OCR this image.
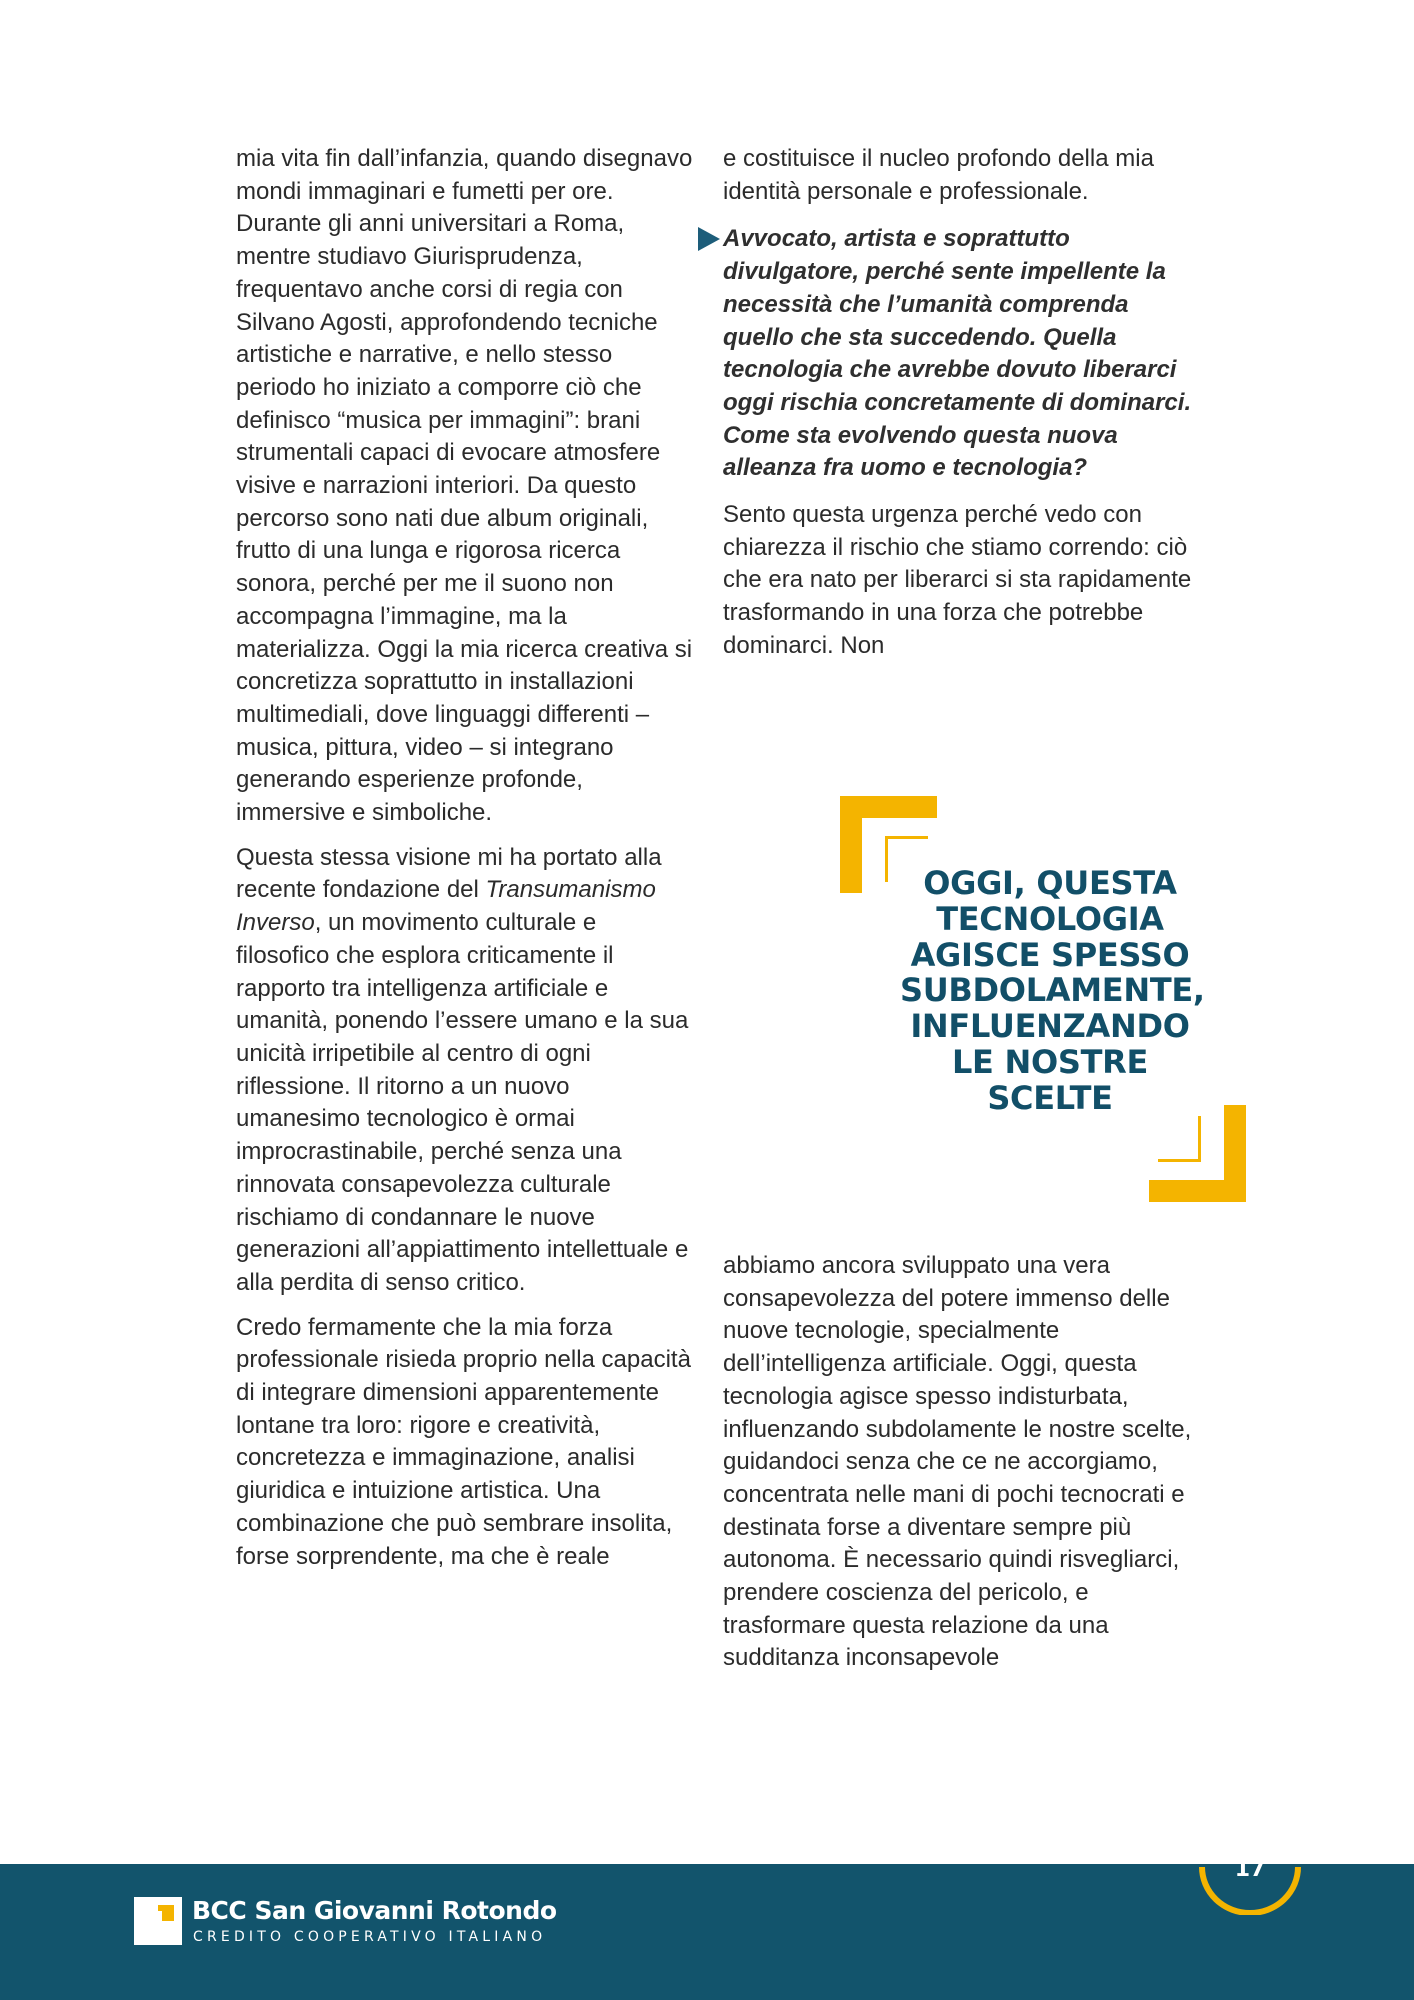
mia vita fin dall’infanzia, quando disegnavo mondi immaginari e fumetti per ore. Durante gli anni universitari a Roma, mentre studiavo Giurisprudenza, frequentavo anche corsi di regia con Silvano Agosti, approfondendo tecniche artistiche e narrative, e nello stesso periodo ho iniziato a comporre ciò che definisco “musica per immagini”: brani strumentali capaci di evocare atmosfere visive e narrazioni interiori. Da questo percorso sono nati due album originali, frutto di una lunga e rigorosa ricerca sonora, perché per me il suono non accompagna l’immagine, ma la materializza. Oggi la mia ricerca creativa si concretizza soprattutto in installazioni multimediali, dove linguaggi differenti – musica, pittura, video – si integrano generando esperienze profonde, immersive e simboliche.

Questa stessa visione mi ha portato alla recente fondazione del Transumanismo Inverso, un movimento culturale e filosofico che esplora criticamente il rapporto tra intelligenza artificiale e umanità, ponendo l’essere umano e la sua unicità irripetibile al centro di ogni riflessione. Il ritorno a un nuovo umanesimo tecnologico è ormai improcrastinabile, perché senza una rinnovata consapevolezza culturale rischiamo di condannare le nuove generazioni all’appiattimento intellettuale e alla perdita di senso critico.

Credo fermamente che la mia forza professionale risieda proprio nella capacità di integrare dimensioni apparentemente lontane tra loro: rigore e creatività, concretezza e immaginazione, analisi giuridica e intuizione artistica. Una combinazione che può sembrare insolita, forse sorprendente, ma che è reale

e costituisce il nucleo profondo della mia identità personale e professionale.

Avvocato, artista e soprattutto divulgatore, perché sente impellente la necessità che l’umanità comprenda quello che sta succedendo. Quella tecnologia che avrebbe dovuto liberarci oggi rischia concretamente di dominarci. Come sta evolvendo questa nuova alleanza fra uomo e tecnologia?

Sento questa urgenza perché vedo con chiarezza il rischio che stiamo correndo: ciò che era nato per liberarci si sta rapidamente trasformando in una forza che potrebbe dominarci. Non

OGGI, QUESTA TECNOLOGIA AGISCE SPESSO SUBDOLAMENTE, INFLUENZANDO LE NOSTRE SCELTE

abbiamo ancora sviluppato una vera consapevolezza del potere immenso delle nuove tecnologie, specialmente dell’intelligenza artificiale. Oggi, questa tecnologia agisce spesso indisturbata, influenzando subdolamente le nostre scelte, guidandoci senza che ce ne accorgiamo, concentrata nelle mani di pochi tecnocrati e destinata forse a diventare sempre più autonoma. È necessario quindi risvegliarci, prendere coscienza del pericolo, e trasformare questa relazione da una sudditanza inconsapevole

BCC San Giovanni Rotondo
CREDITO COOPERATIVO ITALIANO
17
